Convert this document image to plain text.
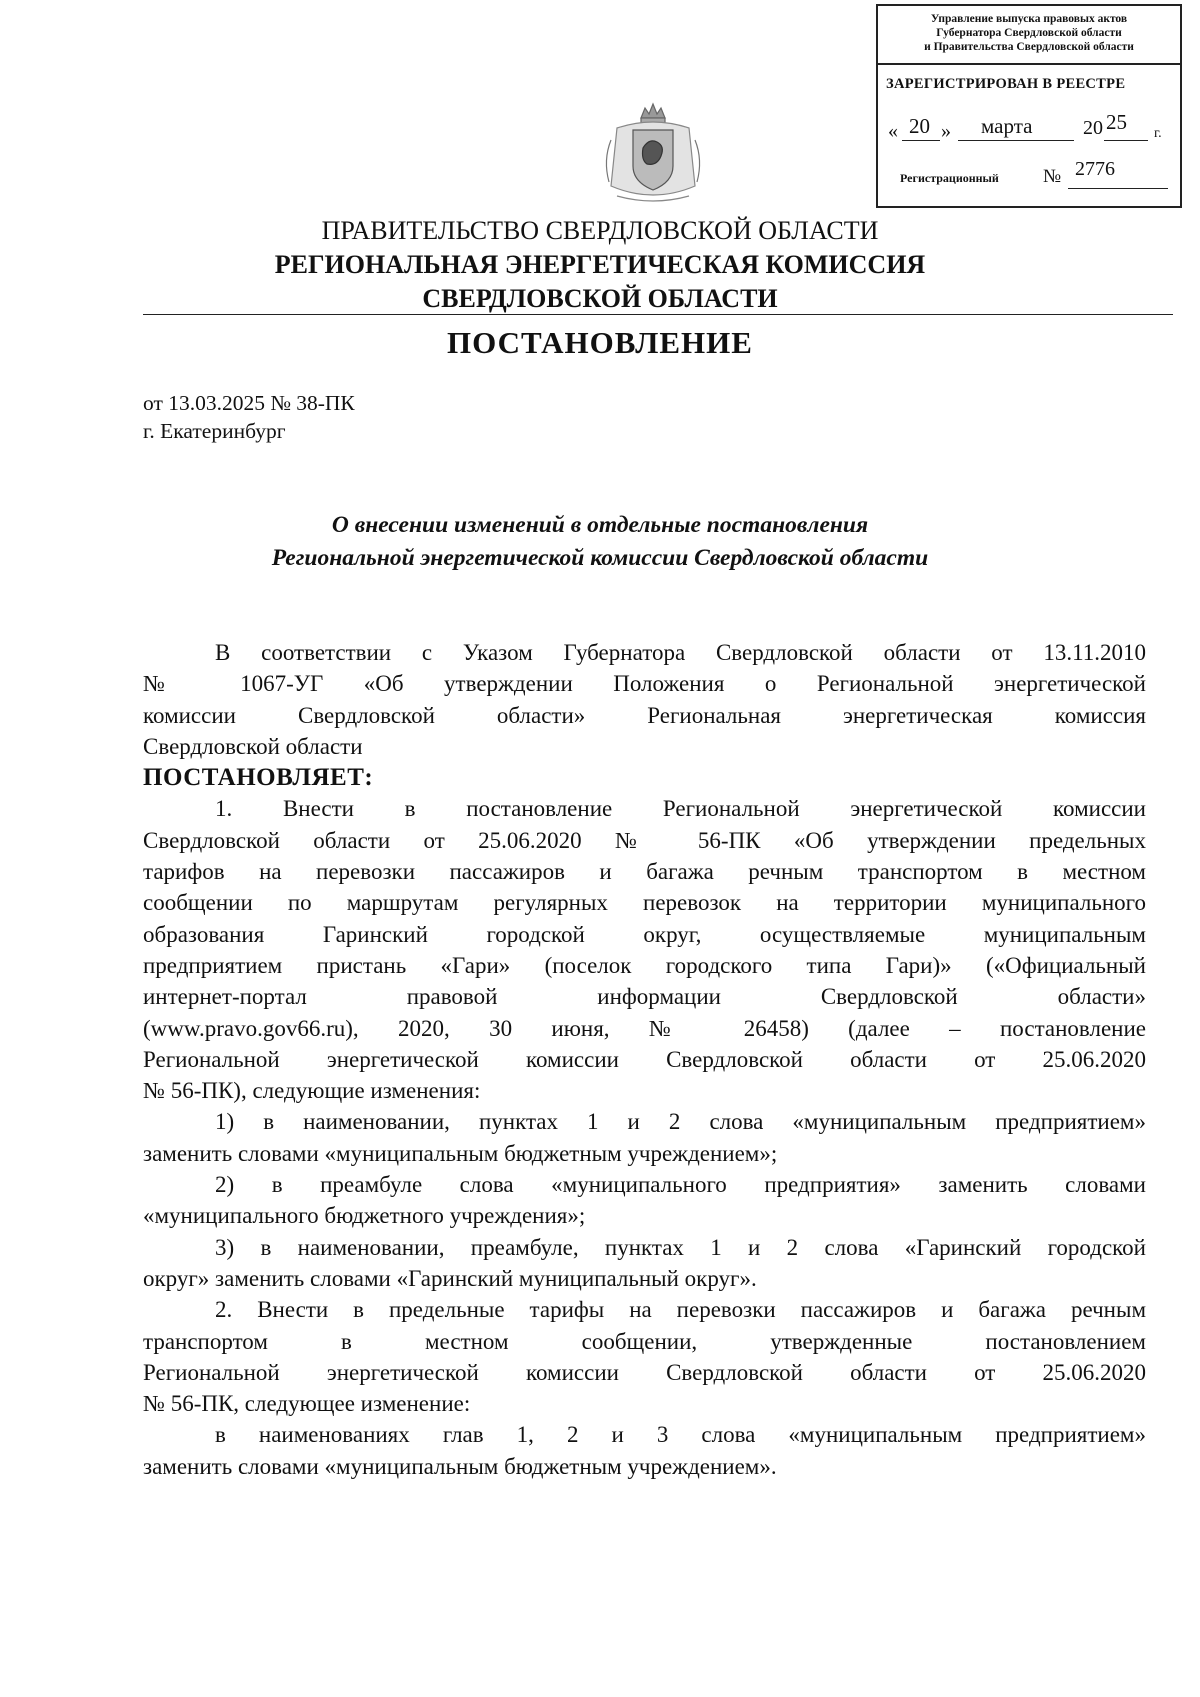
Управление выпуска правовых актов
Губернатора Свердловской области
и Правительства Свердловской области
ЗАРЕГИСТРИРОВАН В РЕЕСТРЕ
« 20 » марта	20 25 г.
Регистрационный № 2776
ПРАВИТЕЛЬСТВО СВЕРДЛОВСКОЙ ОБЛАСТИ
РЕГИОНАЛЬНАЯ ЭНЕРГЕТИЧЕСКАЯ КОМИССИЯ
СВЕРДЛОВСКОЙ ОБЛАСТИ
ПОСТАНОВЛЕНИЕ
от 13.03.2025 № 38-ПК
г. Екатеринбург
О внесении изменений в отдельные постановления
Региональной энергетической комиссии Свердловской области
В соответствии с Указом Губернатора Свердловской области от 13.11.2010
№ 1067-УГ «Об утверждении Положения о Региональной энергетической
комиссии Свердловской области» Региональная энергетическая комиссия
Свердловской области
ПОСТАНОВЛЯЕТ:
1. Внести в постановление Региональной энергетической комиссии
Свердловской области от 25.06.2020 № 56-ПК «Об утверждении предельных
тарифов на перевозки пассажиров и багажа речным транспортом в местном
сообщении по маршрутам регулярных перевозок на территории муниципального
образования Гаринский городской округ, осуществляемые муниципальным
предприятием пристань «Гари» (поселок городского типа Гари)» («Официальный
интернет-портал правовой информации Свердловской области»
(www.pravo.gov66.ru), 2020, 30 июня, № 26458) (далее – постановление
Региональной энергетической комиссии Свердловской области от 25.06.2020
№ 56-ПК), следующие изменения:
1) в наименовании, пунктах 1 и 2 слова «муниципальным предприятием»
заменить словами «муниципальным бюджетным учреждением»;
2) в преамбуле слова «муниципального предприятия» заменить словами
«муниципального бюджетного учреждения»;
3) в наименовании, преамбуле, пунктах 1 и 2 слова «Гаринский городской
округ» заменить словами «Гаринский муниципальный округ».
2. Внести в предельные тарифы на перевозки пассажиров и багажа речным
транспортом в местном сообщении, утвержденные постановлением
Региональной энергетической комиссии Свердловской области от 25.06.2020
№ 56-ПК, следующее изменение:
в наименованиях глав 1, 2 и 3 слова «муниципальным предприятием»
заменить словами «муниципальным бюджетным учреждением».
